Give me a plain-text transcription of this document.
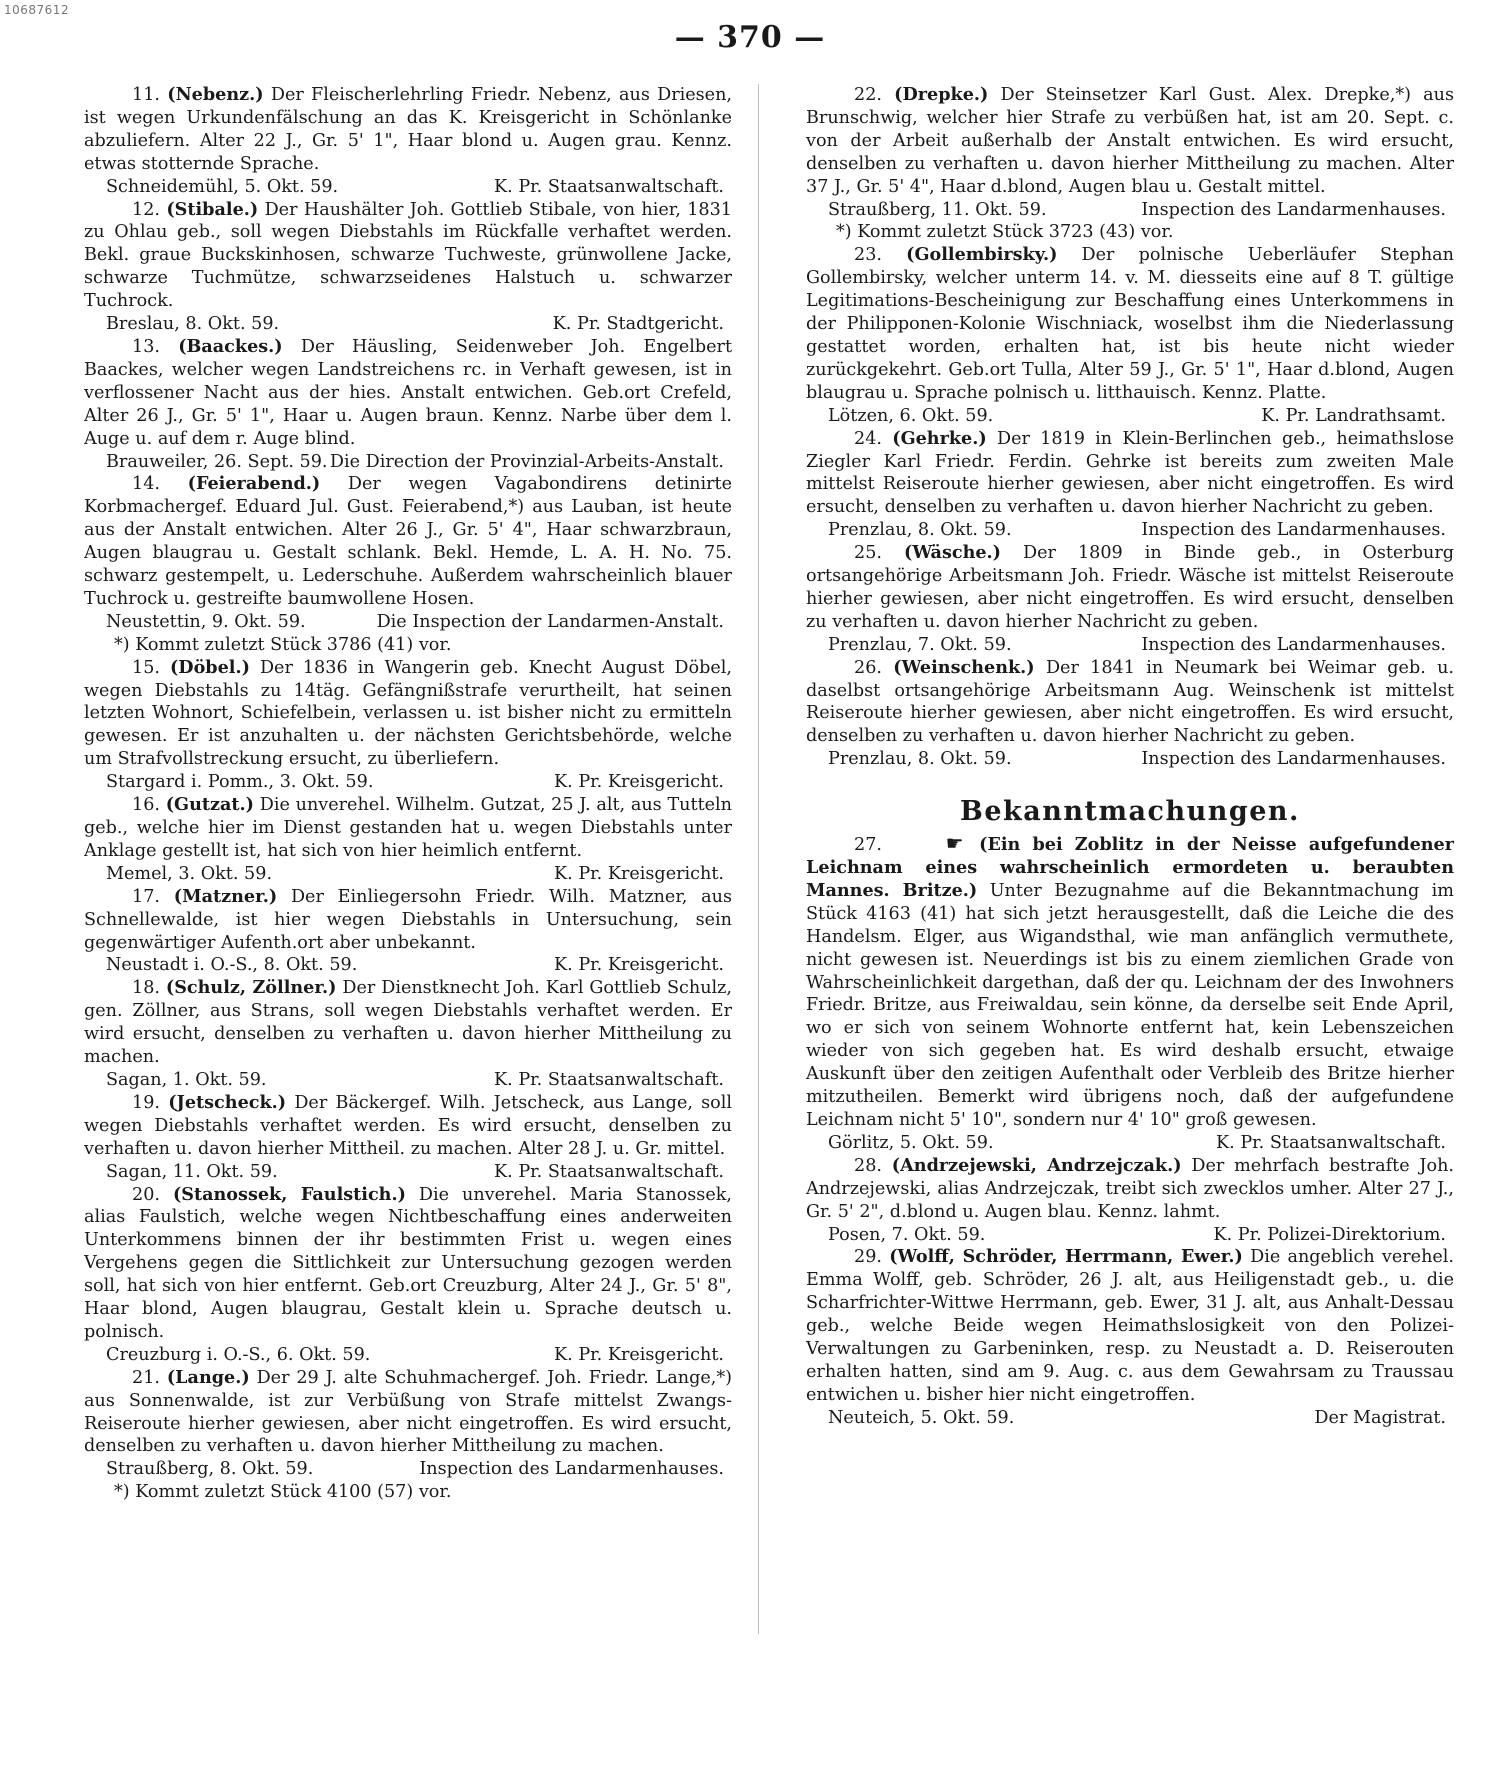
10687612
— 370 —

11. (Nebenz.) Der Fleischerlehrling Friedr. Nebenz, aus Driesen, ist wegen Urkundenfälschung an das K. Kreisgericht in Schönlanke abzuliefern. Alter 22 J., Gr. 5' 1", Haar blond u. Augen grau. Kennz. etwas stotternde Sprache.

Schneidemühl, 5. Okt. 59.	K. Pr. Staatsanwaltschaft.

12. (Stibale.) Der Haushälter Joh. Gottlieb Stibale, von hier, 1831 zu Ohlau geb., soll wegen Diebstahls im Rückfalle verhaftet werden. Bekl. graue Buckskinhosen, schwarze Tuchweste, grünwollene Jacke, schwarze Tuchmütze, schwarzseidenes Halstuch u. schwarzer Tuchrock.

Breslau, 8. Okt. 59.	K. Pr. Stadtgericht.

13. (Baackes.) Der Häusling, Seidenweber Joh. Engelbert Baackes, welcher wegen Landstreichens rc. in Verhaft gewesen, ist in verflossener Nacht aus der hies. Anstalt entwichen. Geb.ort Crefeld, Alter 26 J., Gr. 5' 1", Haar u. Augen braun. Kennz. Narbe über dem l. Auge u. auf dem r. Auge blind.

Brauweiler, 26. Sept. 59. Die Direction der Provinzial-Arbeits-Anstalt.

14. (Feierabend.) Der wegen Vagabondirens detinirte Korbmachergef. Eduard Jul. Gust. Feierabend,*) aus Lauban, ist heute aus der Anstalt entwichen. Alter 26 J., Gr. 5' 4", Haar schwarzbraun, Augen blaugrau u. Gestalt schlank. Bekl. Hemde, L. A. H. No. 75. schwarz gestempelt, u. Lederschuhe. Außerdem wahrscheinlich blauer Tuchrock u. gestreifte baumwollene Hosen.

Neustettin, 9. Okt. 59.	Die Inspection der Landarmen-Anstalt.
*) Kommt zuletzt Stück 3786 (41) vor.

15. (Döbel.) Der 1836 in Wangerin geb. Knecht August Döbel, wegen Diebstahls zu 14täg. Gefängnißstrafe verurtheilt, hat seinen letzten Wohnort, Schiefelbein, verlassen u. ist bisher nicht zu ermitteln gewesen. Er ist anzuhalten u. der nächsten Gerichtsbehörde, welche um Strafvollstreckung ersucht, zu überliefern.

Stargard i. Pomm., 3. Okt. 59.	K. Pr. Kreisgericht.

16. (Gutzat.) Die unverehel. Wilhelm. Gutzat, 25 J. alt, aus Tutteln geb., welche hier im Dienst gestanden hat u. wegen Diebstahls unter Anklage gestellt ist, hat sich von hier heimlich entfernt.

Memel, 3. Okt. 59.	K. Pr. Kreisgericht.

17. (Matzner.) Der Einliegersohn Friedr. Wilh. Matzner, aus Schnellewalde, ist hier wegen Diebstahls in Untersuchung, sein gegenwärtiger Aufenth.ort aber unbekannt.

Neustadt i. O.-S., 8. Okt. 59.	K. Pr. Kreisgericht.

18. (Schulz, Zöllner.) Der Dienstknecht Joh. Karl Gottlieb Schulz, gen. Zöllner, aus Strans, soll wegen Diebstahls verhaftet werden. Er wird ersucht, denselben zu verhaften u. davon hierher Mittheilung zu machen.

Sagan, 1. Okt. 59.	K. Pr. Staatsanwaltschaft.

19. (Jetscheck.) Der Bäckergef. Wilh. Jetscheck, aus Lange, soll wegen Diebstahls verhaftet werden. Es wird ersucht, denselben zu verhaften u. davon hierher Mittheil. zu machen. Alter 28 J. u. Gr. mittel.

Sagan, 11. Okt. 59.	K. Pr. Staatsanwaltschaft.

20. (Stanossek, Faulstich.) Die unverehel. Maria Stanossek, alias Faulstich, welche wegen Nichtbeschaffung eines anderweiten Unterkommens binnen der ihr bestimmten Frist u. wegen eines Vergehens gegen die Sittlichkeit zur Untersuchung gezogen werden soll, hat sich von hier entfernt. Geb.ort Creuzburg, Alter 24 J., Gr. 5' 8", Haar blond, Augen blaugrau, Gestalt klein u. Sprache deutsch u. polnisch.

Creuzburg i. O.-S., 6. Okt. 59.	K. Pr. Kreisgericht.

21. (Lange.) Der 29 J. alte Schuhmachergef. Joh. Friedr. Lange,*) aus Sonnenwalde, ist zur Verbüßung von Strafe mittelst Zwangs-Reiseroute hierher gewiesen, aber nicht eingetroffen. Es wird ersucht, denselben zu verhaften u. davon hierher Mittheilung zu machen.

Straußberg, 8. Okt. 59.	Inspection des Landarmenhauses.
*) Kommt zuletzt Stück 4100 (57) vor.

22. (Drepke.) Der Steinsetzer Karl Gust. Alex. Drepke,*) aus Brunschwig, welcher hier Strafe zu verbüßen hat, ist am 20. Sept. c. von der Arbeit außerhalb der Anstalt entwichen. Es wird ersucht, denselben zu verhaften u. davon hierher Mittheilung zu machen. Alter 37 J., Gr. 5' 4", Haar d.blond, Augen blau u. Gestalt mittel.

Straußberg, 11. Okt. 59.	Inspection des Landarmenhauses.
*) Kommt zuletzt Stück 3723 (43) vor.

23. (Gollembirsky.) Der polnische Ueberläufer Stephan Gollembirsky, welcher unterm 14. v. M. diesseits eine auf 8 T. gültige Legitimations-Bescheinigung zur Beschaffung eines Unterkommens in der Philipponen-Kolonie Wischniack, woselbst ihm die Niederlassung gestattet worden, erhalten hat, ist bis heute nicht wieder zurückgekehrt. Geb.ort Tulla, Alter 59 J., Gr. 5' 1", Haar d.blond, Augen blaugrau u. Sprache polnisch u. litthauisch. Kennz. Platte.

Lötzen, 6. Okt. 59.	K. Pr. Landrathsamt.

24. (Gehrke.) Der 1819 in Klein-Berlinchen geb., heimathslose Ziegler Karl Friedr. Ferdin. Gehrke ist bereits zum zweiten Male mittelst Reiseroute hierher gewiesen, aber nicht eingetroffen. Es wird ersucht, denselben zu verhaften u. davon hierher Nachricht zu geben.

Prenzlau, 8. Okt. 59.	Inspection des Landarmenhauses.

25. (Wäsche.) Der 1809 in Binde geb., in Osterburg ortsangehörige Arbeitsmann Joh. Friedr. Wäsche ist mittelst Reiseroute hierher gewiesen, aber nicht eingetroffen. Es wird ersucht, denselben zu verhaften u. davon hierher Nachricht zu geben.

Prenzlau, 7. Okt. 59.	Inspection des Landarmenhauses.

26. (Weinschenk.) Der 1841 in Neumark bei Weimar geb. u. daselbst ortsangehörige Arbeitsmann Aug. Weinschenk ist mittelst Reiseroute hierher gewiesen, aber nicht eingetroffen. Es wird ersucht, denselben zu verhaften u. davon hierher Nachricht zu geben.

Prenzlau, 8. Okt. 59.	Inspection des Landarmenhauses.
Bekanntmachungen.

27.	☛ (Ein bei Zoblitz in der Neisse aufgefundener Leichnam eines wahrscheinlich ermordeten u. beraubten Mannes. Britze.) Unter Bezugnahme auf die Bekanntmachung im Stück 4163 (41) hat sich jetzt herausgestellt, daß die Leiche die des Handelsm. Elger, aus Wigandsthal, wie man anfänglich vermuthete, nicht gewesen ist. Neuerdings ist bis zu einem ziemlichen Grade von Wahrscheinlichkeit dargethan, daß der qu. Leichnam der des Inwohners Friedr. Britze, aus Freiwaldau, sein könne, da derselbe seit Ende April, wo er sich von seinem Wohnorte entfernt hat, kein Lebenszeichen wieder von sich gegeben hat. Es wird deshalb ersucht, etwaige Auskunft über den zeitigen Aufenthalt oder Verbleib des Britze hierher mitzutheilen. Bemerkt wird übrigens noch, daß der aufgefundene Leichnam nicht 5' 10", sondern nur 4' 10" groß gewesen.

Görlitz, 5. Okt. 59.	K. Pr. Staatsanwaltschaft.

28. (Andrzejewski, Andrzejczak.) Der mehrfach bestrafte Joh. Andrzejewski, alias Andrzejczak, treibt sich zwecklos umher. Alter 27 J., Gr. 5' 2", d.blond u. Augen blau. Kennz. lahmt.

Posen, 7. Okt. 59.	K. Pr. Polizei-Direktorium.

29. (Wolff, Schröder, Herrmann, Ewer.) Die angeblich verehel. Emma Wolff, geb. Schröder, 26 J. alt, aus Heiligenstadt geb., u. die Scharfrichter-Wittwe Herrmann, geb. Ewer, 31 J. alt, aus Anhalt-Dessau geb., welche Beide wegen Heimathslosigkeit von den Polizei-Verwaltungen zu Garbeninken, resp. zu Neustadt a. D. Reiserouten erhalten hatten, sind am 9. Aug. c. aus dem Gewahrsam zu Traussau entwichen u. bisher hier nicht eingetroffen.

Neuteich, 5. Okt. 59.	Der Magistrat.
